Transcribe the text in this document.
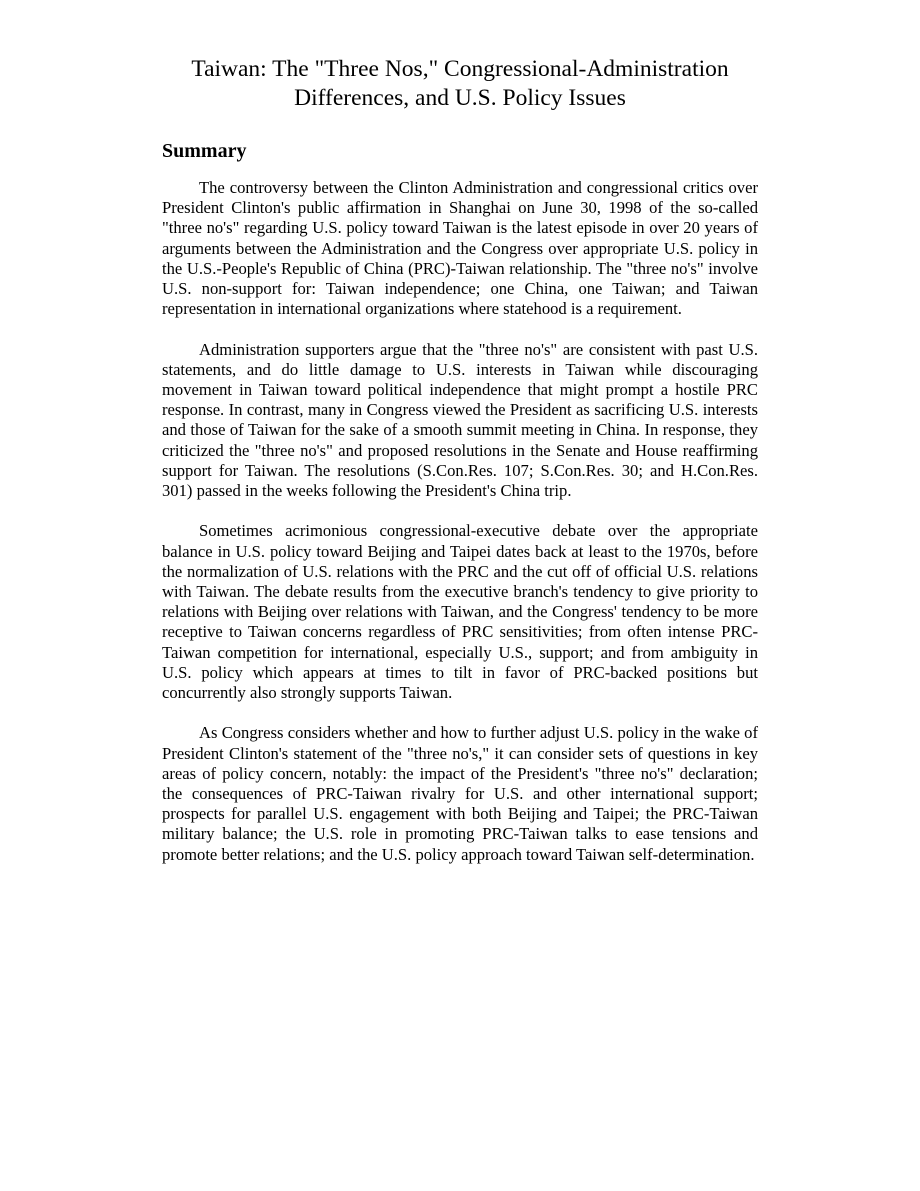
Taiwan: The "Three Nos," Congressional-Administration
Differences, and U.S. Policy Issues
Summary

The controversy between the Clinton Administration and congressional critics over President Clinton's public affirmation in Shanghai on June 30, 1998 of the so-called "three no's" regarding U.S. policy toward Taiwan is the latest episode in over 20 years of arguments between the Administration and the Congress over appropriate U.S. policy in the U.S.-People's Republic of China (PRC)-Taiwan relationship. The "three no's" involve U.S. non-support for: Taiwan independence; one China, one Taiwan; and Taiwan representation in international organizations where statehood is a requirement.

Administration supporters argue that the "three no's" are consistent with past U.S. statements, and do little damage to U.S. interests in Taiwan while discouraging movement in Taiwan toward political independence that might prompt a hostile PRC response. In contrast, many in Congress viewed the President as sacrificing U.S. interests and those of Taiwan for the sake of a smooth summit meeting in China. In response, they criticized the "three no's" and proposed resolutions in the Senate and House reaffirming support for Taiwan. The resolutions (S.Con.Res. 107; S.Con.Res. 30; and H.Con.Res. 301) passed in the weeks following the President's China trip.

Sometimes acrimonious congressional-executive debate over the appropriate balance in U.S. policy toward Beijing and Taipei dates back at least to the 1970s, before the normalization of U.S. relations with the PRC and the cut off of official U.S. relations with Taiwan. The debate results from the executive branch's tendency to give priority to relations with Beijing over relations with Taiwan, and the Congress' tendency to be more receptive to Taiwan concerns regardless of PRC sensitivities; from often intense PRC-Taiwan competition for international, especially U.S., support; and from ambiguity in U.S. policy which appears at times to tilt in favor of PRC-backed positions but concurrently also strongly supports Taiwan.

As Congress considers whether and how to further adjust U.S. policy in the wake of President Clinton's statement of the "three no's," it can consider sets of questions in key areas of policy concern, notably: the impact of the President's "three no's" declaration; the consequences of PRC-Taiwan rivalry for U.S. and other international support; prospects for parallel U.S. engagement with both Beijing and Taipei; the PRC-Taiwan military balance; the U.S. role in promoting PRC-Taiwan talks to ease tensions and promote better relations; and the U.S. policy approach toward Taiwan self-determination.
